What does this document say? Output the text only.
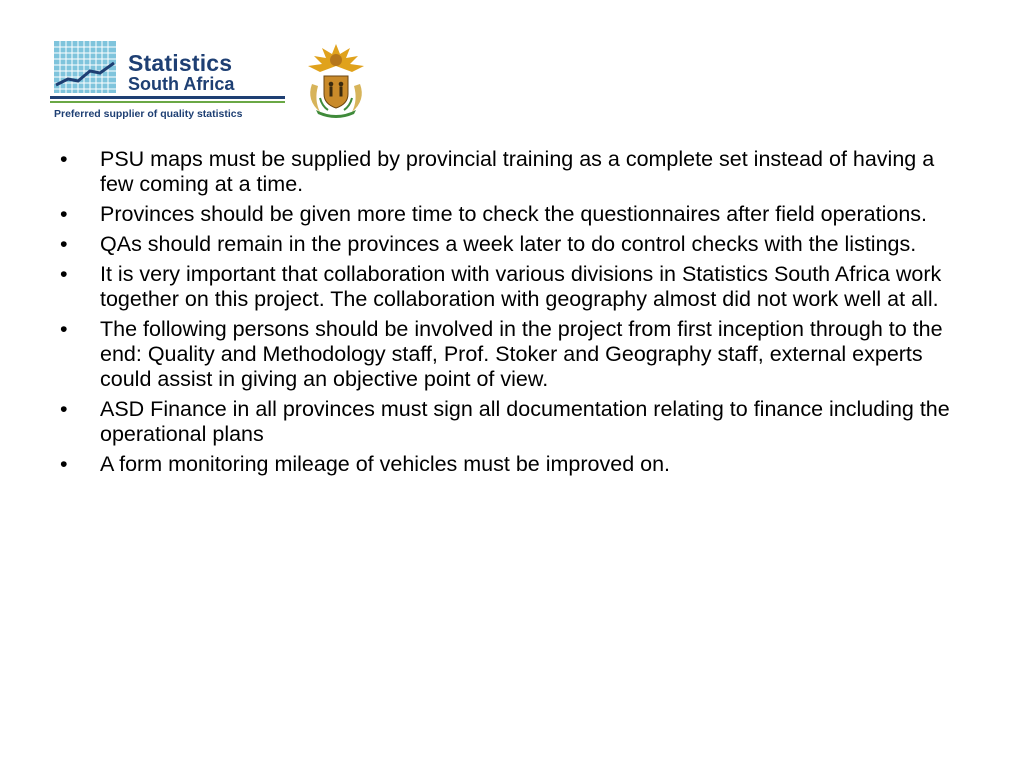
Statistics
South Africa
Preferred supplier of quality statistics
•	PSU maps must be supplied by provincial training as a complete set instead of having a few coming at a time.
•	Provinces should be given more time to check the questionnaires after field operations.
•	QAs should remain in the provinces a week later to do control checks with the listings.
•	It is very important that collaboration with various divisions in Statistics South Africa work together on this project. The collaboration with geography almost did not work well at all.
•	The following persons should be involved in the project from first inception through to the end: Quality and Methodology staff, Prof. Stoker and Geography staff, external experts could assist in giving an objective point of view.
•	ASD Finance in all provinces must sign all documentation relating to finance including the operational plans
•	A form monitoring mileage of vehicles must be improved on.
